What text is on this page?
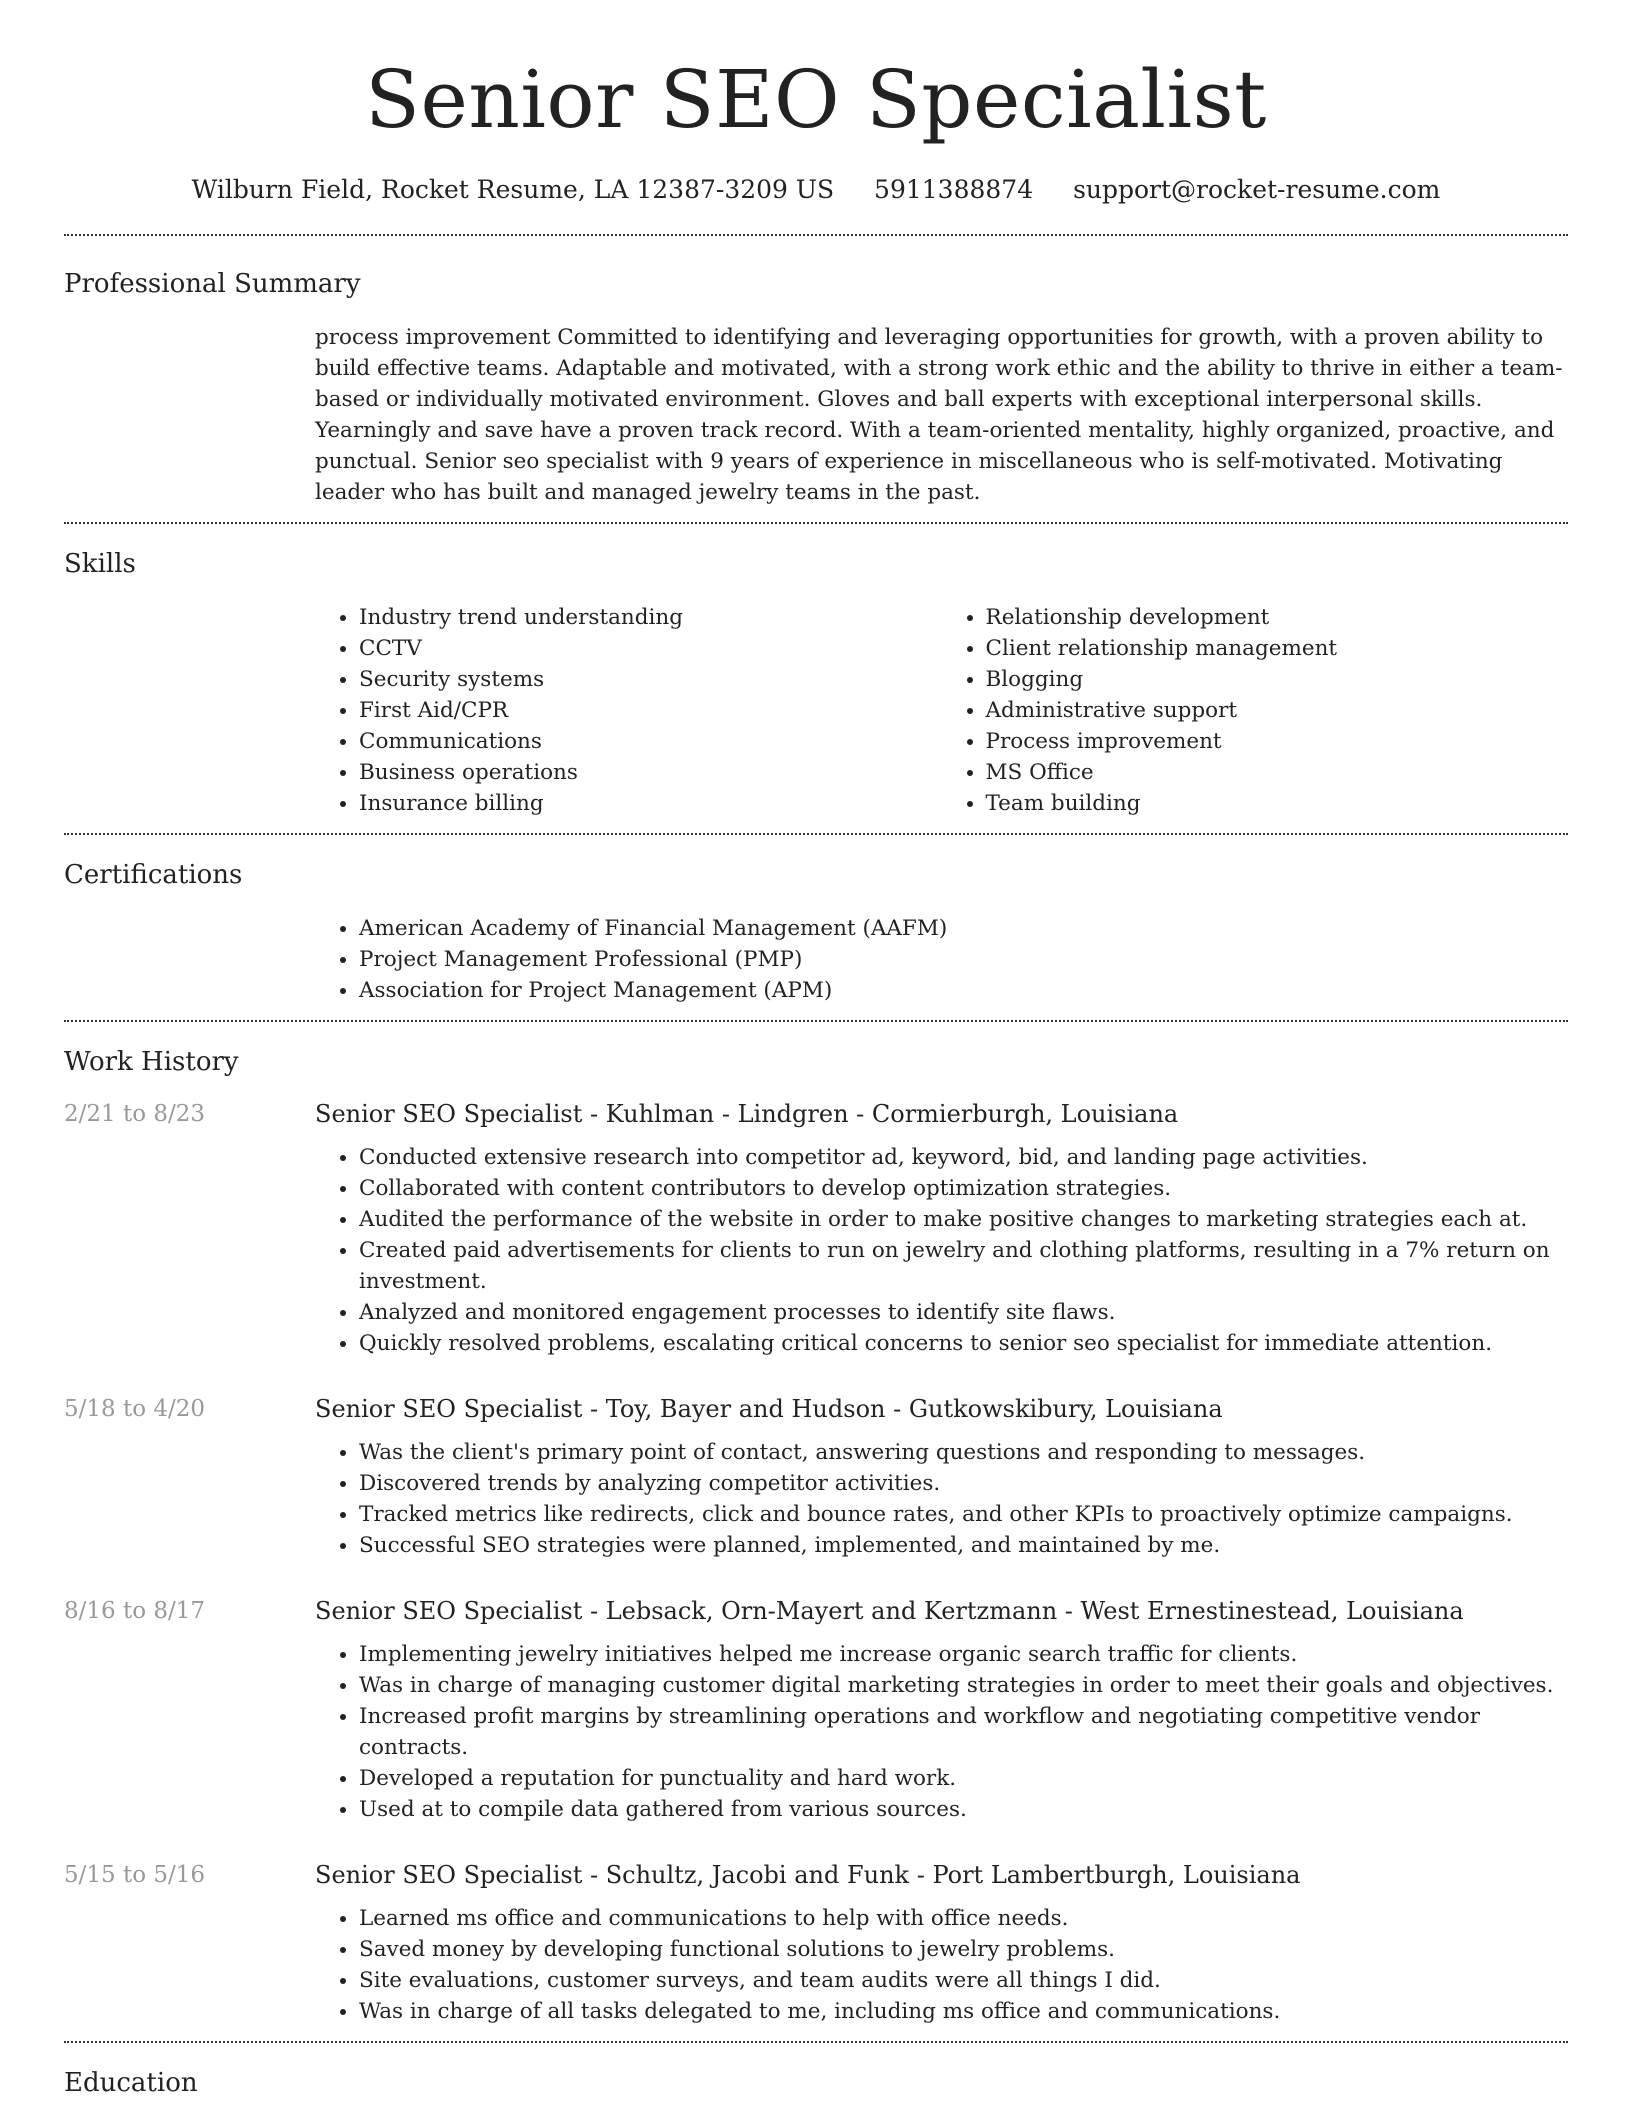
Senior SEO Specialist
Wilburn Field, Rocket Resume, LA 12387-3209 US 5911388874 support@rocket-resume.com
Professional Summary

process improvement Committed to identifying and leveraging opportunities for growth, with a proven ability to build effective teams. Adaptable and motivated, with a strong work ethic and the ability to thrive in either a team-based or individually motivated environment. Gloves and ball experts with exceptional interpersonal skills. Yearningly and save have a proven track record. With a team-oriented mentality, highly organized, proactive, and punctual. Senior seo specialist with 9 years of experience in miscellaneous who is self-motivated. Motivating leader who has built and managed jewelry teams in the past.

Skills
• Industry trend understanding
• CCTV
• Security systems
• First Aid/CPR
• Communications
• Business operations
• Insurance billing
• Relationship development
• Client relationship management
• Blogging
• Administrative support
• Process improvement
• MS Office
• Team building
Certifications
• American Academy of Financial Management (AAFM)
• Project Management Professional (PMP)
• Association for Project Management (APM)
Work History
2/21 to 8/23	Senior SEO Specialist - Kuhlman - Lindgren - Cormierburgh, Louisiana
• Conducted extensive research into competitor ad, keyword, bid, and landing page activities.
• Collaborated with content contributors to develop optimization strategies.
• Audited the performance of the website in order to make positive changes to marketing strategies each at.
• Created paid advertisements for clients to run on jewelry and clothing platforms, resulting in a 7% return on investment.
• Analyzed and monitored engagement processes to identify site flaws.
• Quickly resolved problems, escalating critical concerns to senior seo specialist for immediate attention.
5/18 to 4/20	Senior SEO Specialist - Toy, Bayer and Hudson - Gutkowskibury, Louisiana
• Was the client's primary point of contact, answering questions and responding to messages.
• Discovered trends by analyzing competitor activities.
• Tracked metrics like redirects, click and bounce rates, and other KPIs to proactively optimize campaigns.
• Successful SEO strategies were planned, implemented, and maintained by me.
8/16 to 8/17	Senior SEO Specialist - Lebsack, Orn-Mayert and Kertzmann - West Ernestinestead, Louisiana
• Implementing jewelry initiatives helped me increase organic search traffic for clients.
• Was in charge of managing customer digital marketing strategies in order to meet their goals and objectives.
• Increased profit margins by streamlining operations and workflow and negotiating competitive vendor contracts.
• Developed a reputation for punctuality and hard work.
• Used at to compile data gathered from various sources.
5/15 to 5/16	Senior SEO Specialist - Schultz, Jacobi and Funk - Port Lambertburgh, Louisiana
• Learned ms office and communications to help with office needs.
• Saved money by developing functional solutions to jewelry problems.
• Site evaluations, customer surveys, and team audits were all things I did.
• Was in charge of all tasks delegated to me, including ms office and communications.
Education
